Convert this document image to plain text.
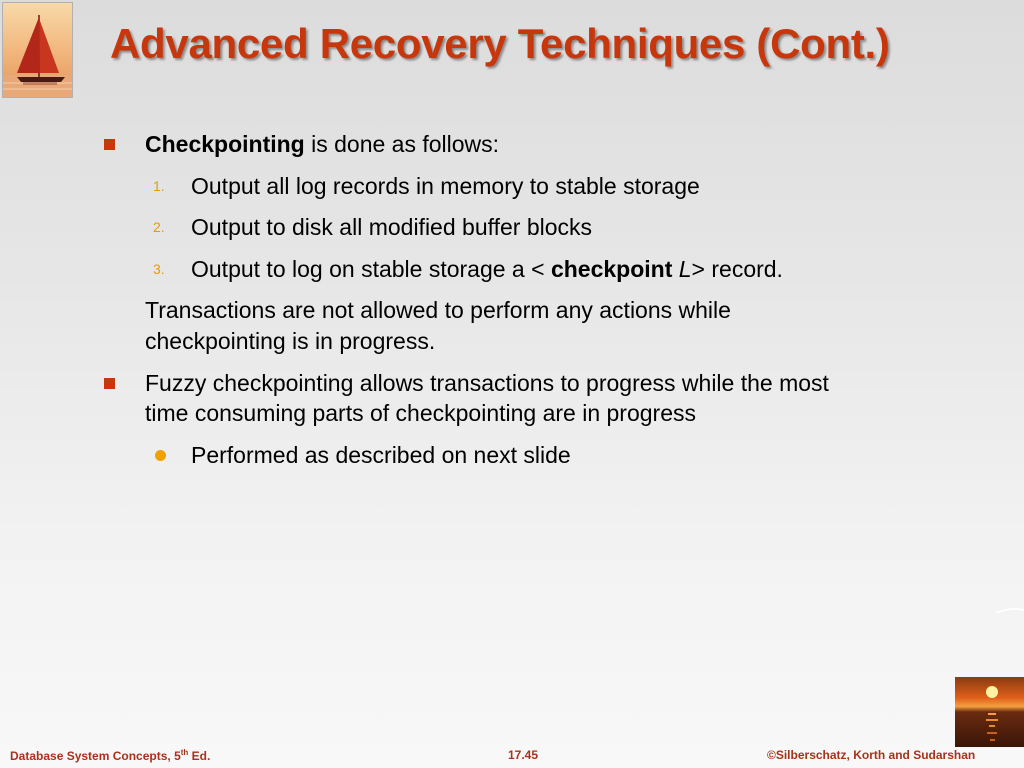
Advanced Recovery Techniques (Cont.)
Checkpointing is done as follows:
1. Output all log records in memory to stable storage
2. Output to disk all modified buffer blocks
3. Output to log on stable storage a < checkpoint L> record.
Transactions are not allowed to perform any actions while
checkpointing is in progress.
Fuzzy checkpointing allows transactions to progress while the most
time consuming parts of checkpointing are in progress
Performed as described on next slide
Database System Concepts, 5th Ed.	17.45	©Silberschatz, Korth and Sudarshan
